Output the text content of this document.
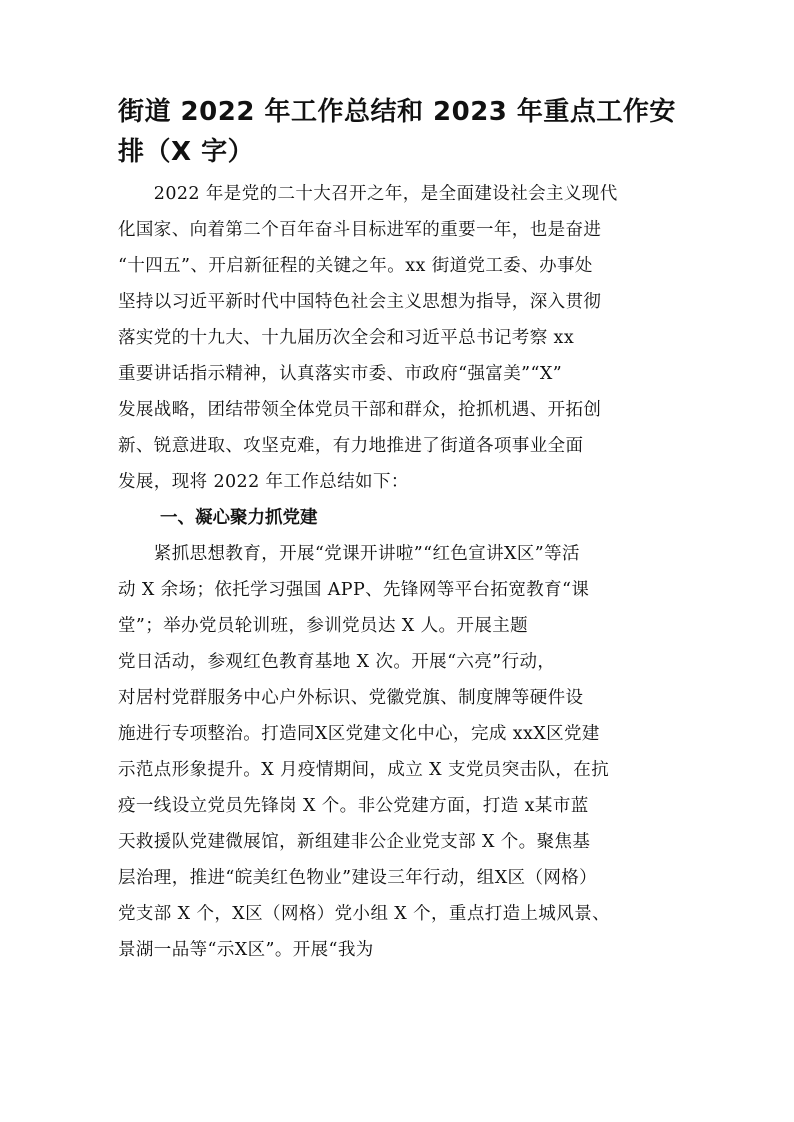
街道 2022 年工作总结和 2023 年重点工作安
排（X 字）

　　2022 年是党的二十大召开之年，是全面建设社会主义现代

化国家、向着第二个百年奋斗目标进军的重要一年，也是奋进

“十四五”、开启新征程的关键之年。xx 街道党工委、办事处

坚持以习近平新时代中国特色社会主义思想为指导，深入贯彻

落实党的十九大、十九届历次全会和习近平总书记考察 xx

重要讲话指示精神，认真落实市委、市政府“强富美”“X”

发展战略，团结带领全体党员干部和群众，抢抓机遇、开拓创

新、锐意进取、攻坚克难，有力地推进了街道各项事业全面

发展，现将 2022 年工作总结如下：

一、凝心聚力抓党建

　　紧抓思想教育，开展“党课开讲啦”“红色宣讲X区”等活

动 X 余场；依托学习强国 APP、先锋网等平台拓宽教育“课

堂”；举办党员轮训班，参训党员达 X 人。开展主题

党日活动，参观红色教育基地 X 次。开展“六亮”行动，

对居村党群服务中心户外标识、党徽党旗、制度牌等硬件设

施进行专项整治。打造同X区党建文化中心，完成 xxX区党建

示范点形象提升。X 月疫情期间，成立 X 支党员突击队，在抗

疫一线设立党员先锋岗 X 个。非公党建方面，打造 x某市蓝

天救援队党建微展馆，新组建非公企业党支部 X 个。聚焦基

层治理，推进“皖美红色物业”建设三年行动，组X区（网格）

党支部 X 个，X区（网格）党小组 X 个，重点打造上城风景、

景湖一品等“示X区”。开展“我为
